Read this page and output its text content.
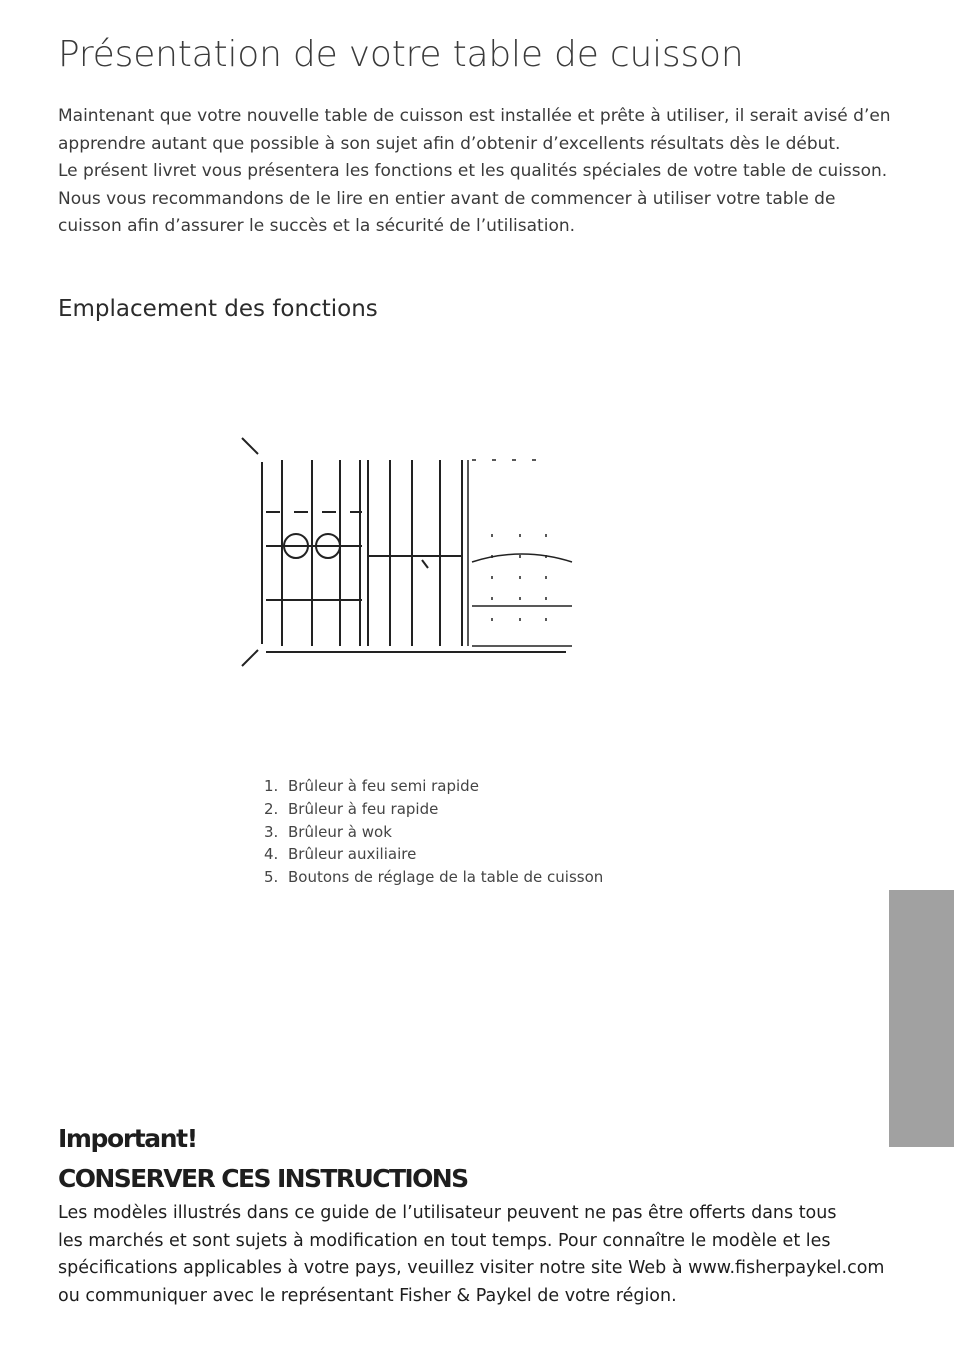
Présentation de votre table de cuisson

Maintenant que votre nouvelle table de cuisson est installée et prête à utiliser, il serait avisé d’en

apprendre autant que possible à son sujet afin d’obtenir d’excellents résultats dès le début.

Le présent livret vous présentera les fonctions et les qualités spéciales de votre table de cuisson.

Nous vous recommandons de le lire en entier avant de commencer à utiliser votre table de

cuisson afin d’assurer le succès et la sécurité de l’utilisation.

Emplacement des fonctions
1. Brûleur à feu semi rapide
2. Brûleur à feu rapide
3. Brûleur à wok
4. Brûleur auxiliaire
5. Boutons de réglage de la table de cuisson
Important!
CONSERVER CES INSTRUCTIONS

Les modèles illustrés dans ce guide de l’utilisateur peuvent ne pas être offerts dans tous

les marchés et sont sujets à modification en tout temps. Pour connaître le modèle et les

spécifications applicables à votre pays, veuillez visiter notre site Web à www.fisherpaykel.com

ou communiquer avec le représentant Fisher & Paykel de votre région.
